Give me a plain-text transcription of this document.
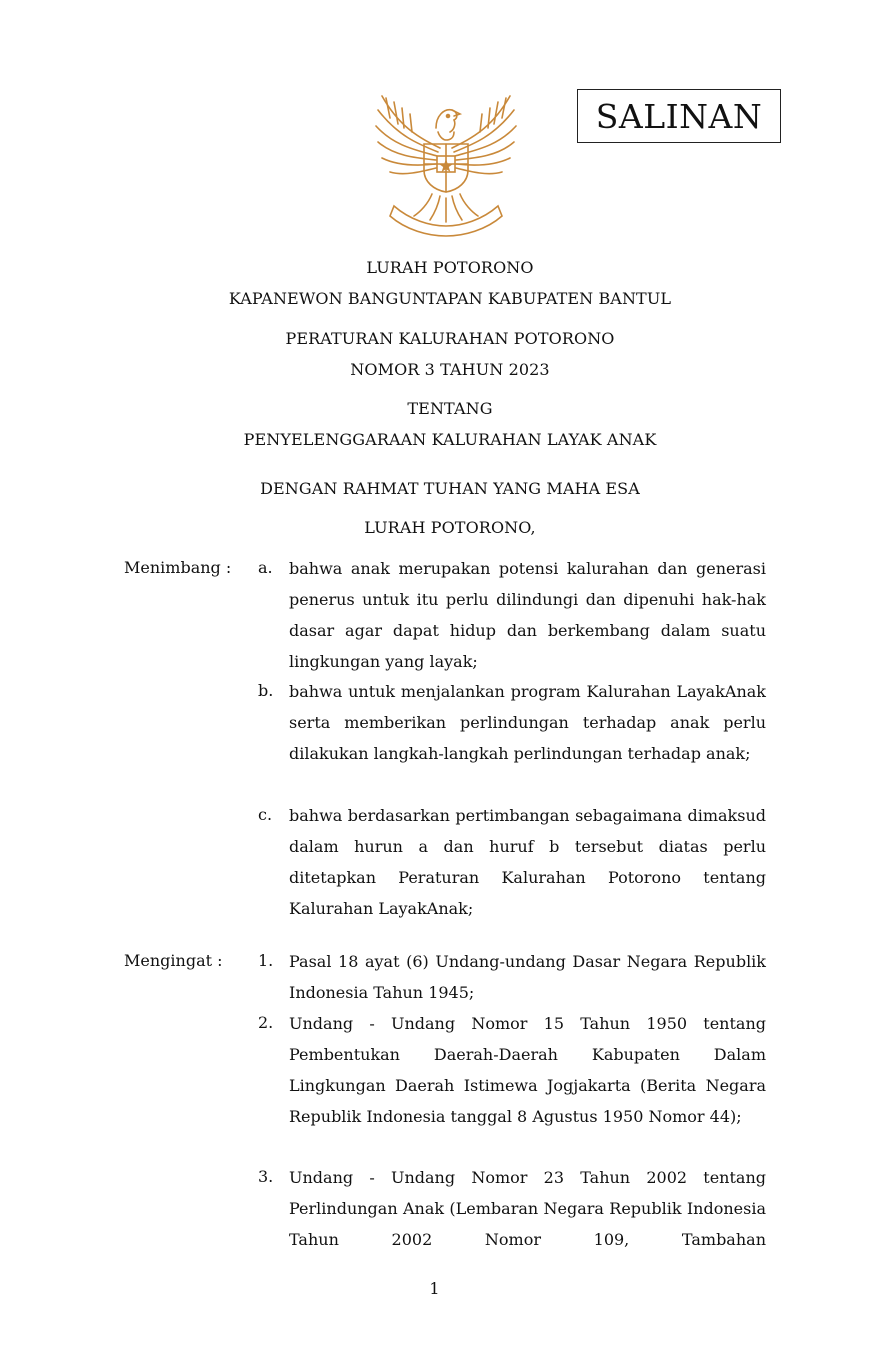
SALINAN
LURAH POTORONO
KAPANEWON BANGUNTAPAN KABUPATEN BANTUL
PERATURAN KALURAHAN POTORONO
NOMOR 3 TAHUN 2023
TENTANG
PENYELENGGARAAN KALURAHAN LAYAK ANAK
DENGAN RAHMAT TUHAN YANG MAHA ESA
LURAH POTORONO,
Menimbang : a. bahwa anak merupakan potensi kalurahan dan generasi penerus untuk itu perlu dilindungi dan dipenuhi hak-hak dasar agar dapat hidup dan berkembang dalam suatu lingkungan yang layak;
b. bahwa untuk menjalankan program Kalurahan LayakAnak serta memberikan perlindungan terhadap anak perlu dilakukan langkah-langkah perlindungan terhadap anak;
c. bahwa berdasarkan pertimbangan sebagaimana dimaksud dalam hurun a dan huruf b tersebut diatas perlu ditetapkan Peraturan Kalurahan Potorono tentang Kalurahan LayakAnak;
Mengingat : 1. Pasal 18 ayat (6) Undang-undang Dasar Negara Republik Indonesia Tahun 1945;
2. Undang - Undang Nomor 15 Tahun 1950 tentang Pembentukan Daerah-Daerah Kabupaten Dalam Lingkungan Daerah Istimewa Jogjakarta (Berita Negara Republik Indonesia tanggal 8 Agustus 1950 Nomor 44);
3. Undang - Undang Nomor 23 Tahun 2002 tentang Perlindungan Anak (Lembaran Negara Republik Indonesia Tahun 2002 Nomor 109, Tambahan
1
